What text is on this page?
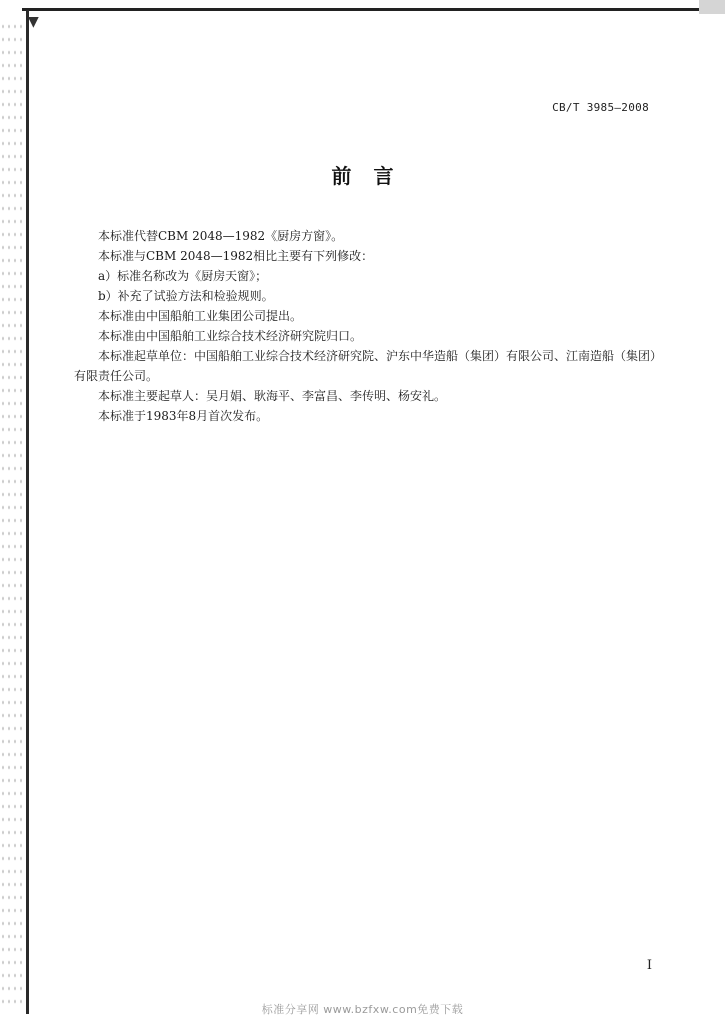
▼
CB/T 3985—2008
前言

本标准代替CBM 2048—1982《厨房方窗》。

本标准与CBM 2048—1982相比主要有下列修改：

a）标准名称改为《厨房天窗》；

b）补充了试验方法和检验规则。

本标准由中国船舶工业集团公司提出。

本标准由中国船舶工业综合技术经济研究院归口。

本标准起草单位：中国船舶工业综合技术经济研究院、沪东中华造船（集团）有限公司、江南造船（集团）有限责任公司。

本标准主要起草人：吴月娟、耿海平、李富昌、李传明、杨安礼。

本标准于1983年8月首次发布。

I
标准分享网 www.bzfxw.com免费下载
